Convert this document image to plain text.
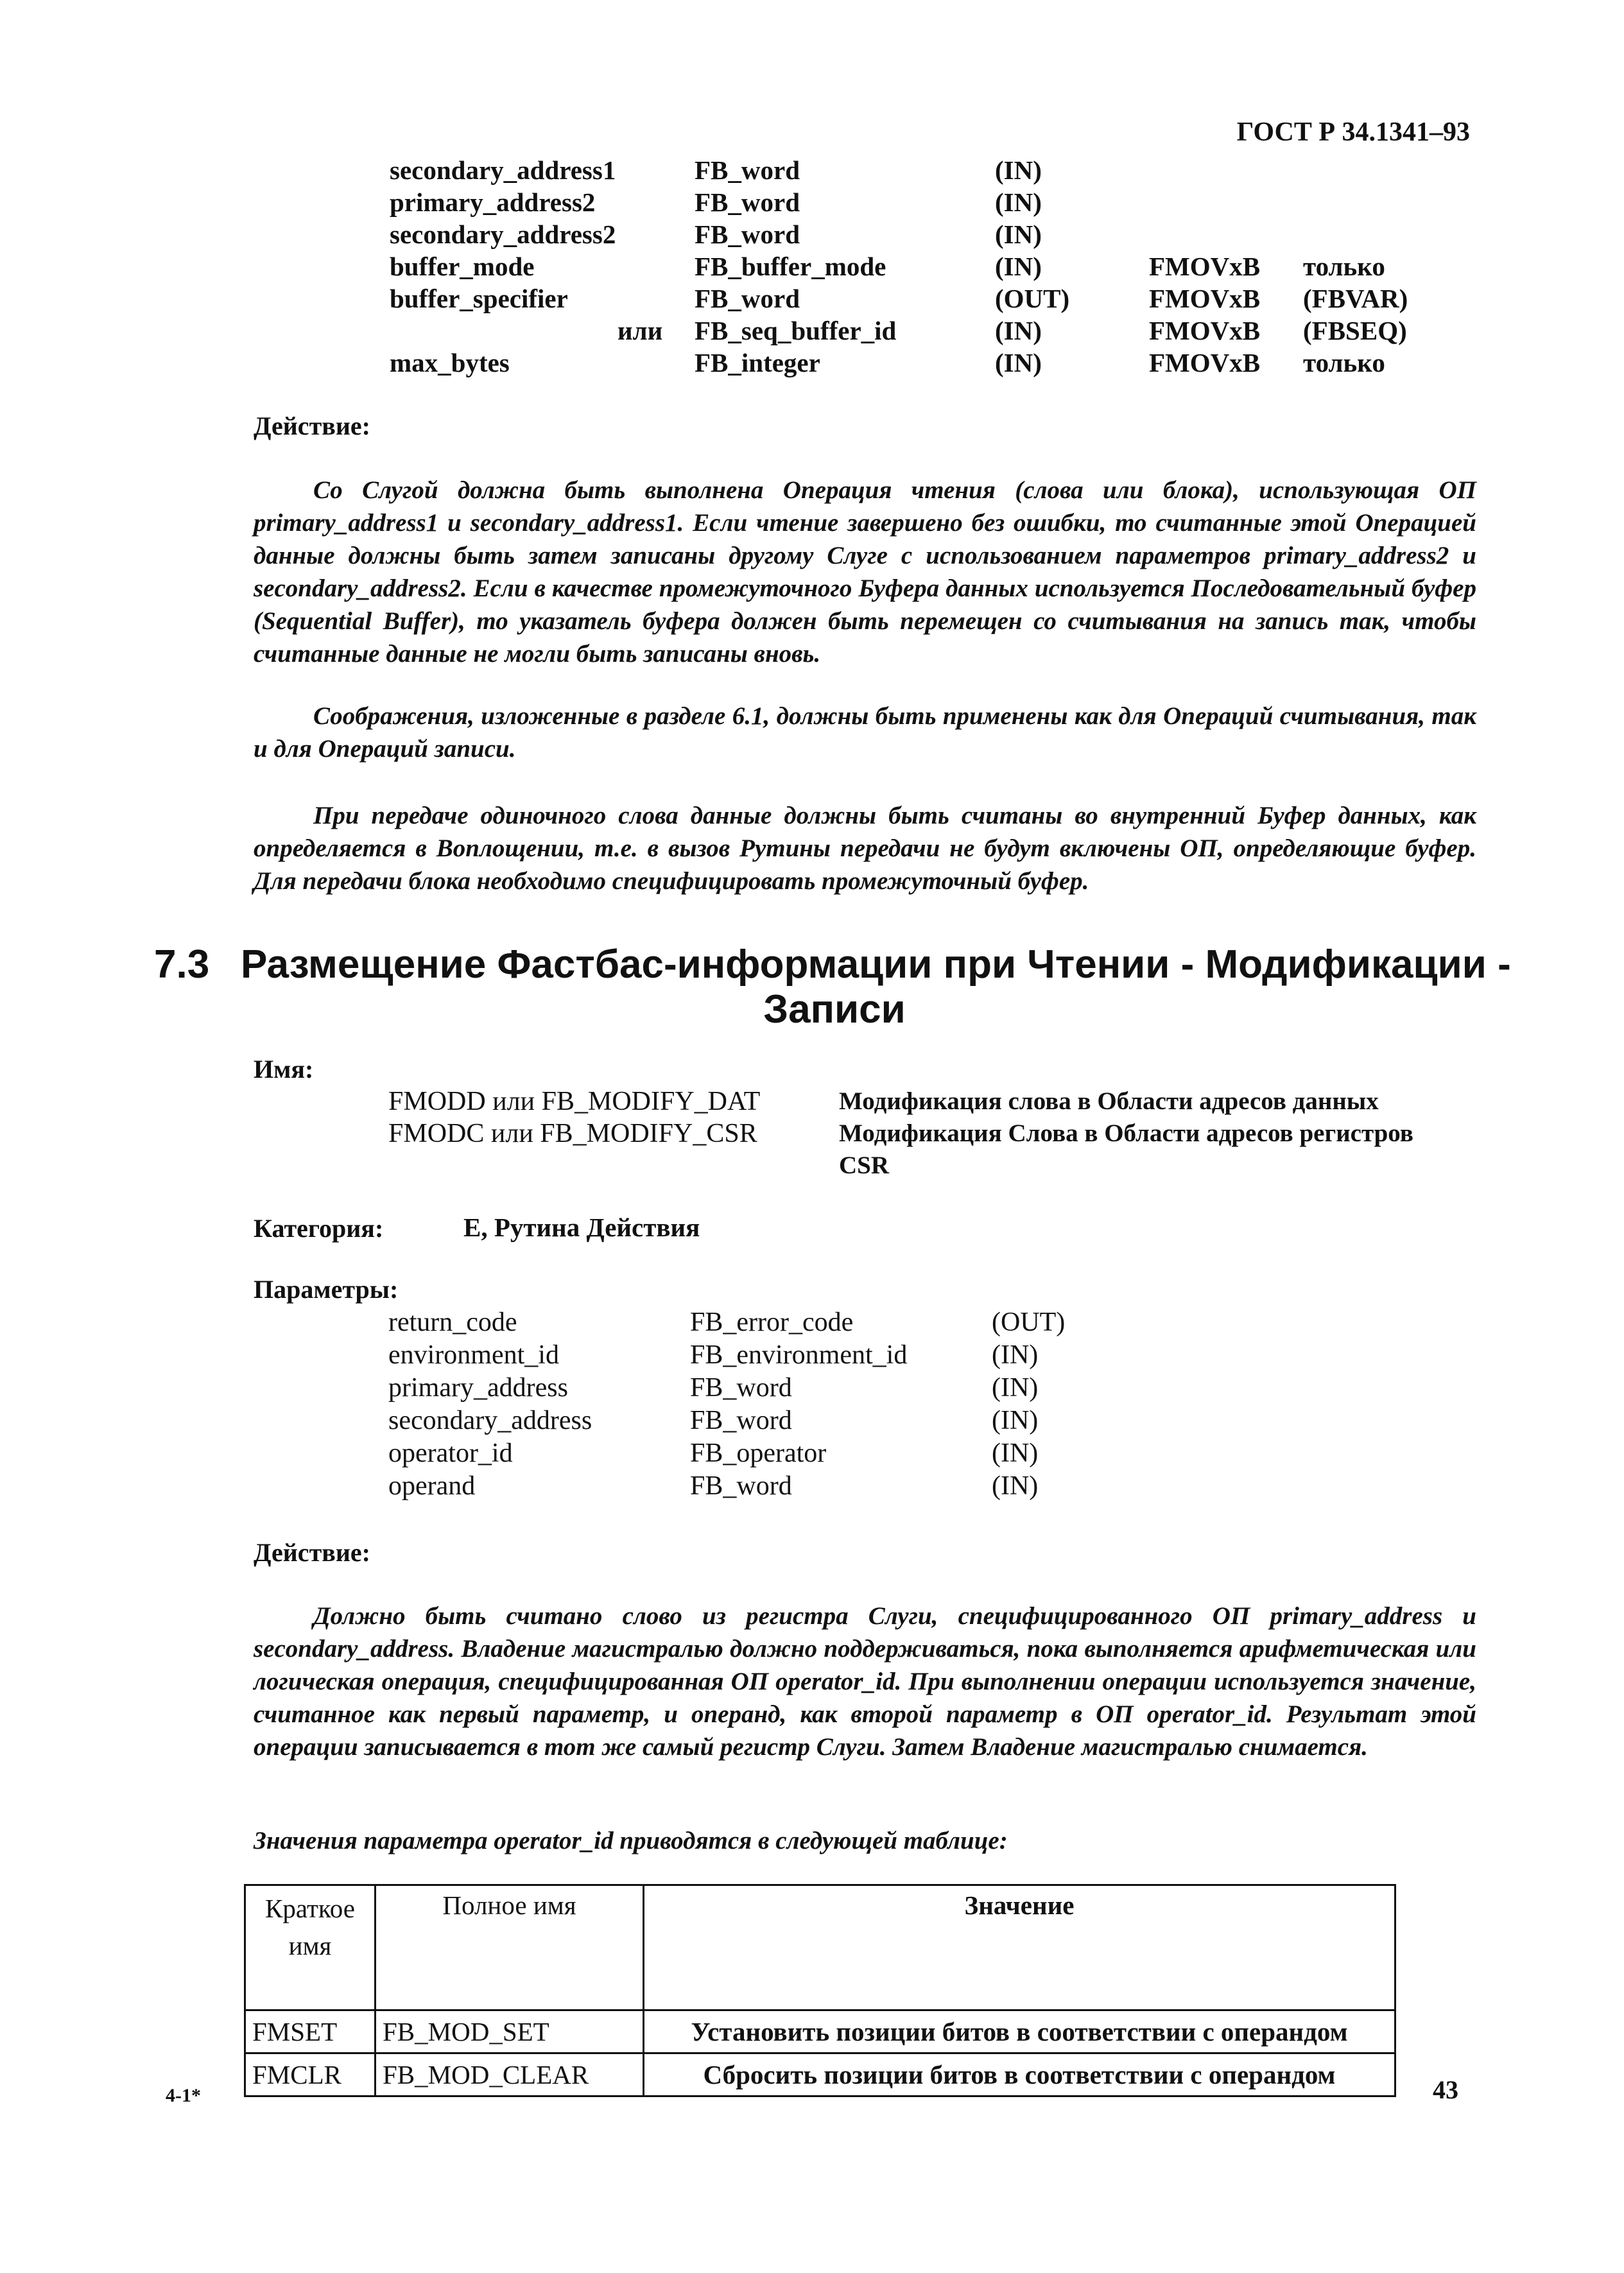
ГОСТ Р 34.1341–93
secondary_address1	FB_word	(IN)
primary_address2	FB_word	(IN)
secondary_address2	FB_word	(IN)
buffer_mode	FB_buffer_mode	(IN)	FMOVxB только
buffer_specifier	FB_word	(OUT)	FMOVxB (FBVAR)
или FB_seq_buffer_id	(IN)	FMOVxB (FBSEQ)
max_bytes	FB_integer	(IN)	FMOVxB только
Действие:
Со Слугой должна быть выполнена Операция чтения (слова или блока), использующая ОП primary_address1 и secondary_address1. Если чтение завершено без ошибки, то считанные этой Операцией данные должны быть затем записаны другому Слуге с использованием параметров primary_address2 и secondary_address2. Если в качестве промежуточного Буфера данных используется Последовательный буфер (Sequential Buffer), то указатель буфера должен быть перемещен со считывания на запись так, чтобы считанные данные не могли быть записаны вновь.
Соображения, изложенные в разделе 6.1, должны быть применены как для Операций считывания, так и для Операций записи.
При передаче одиночного слова данные должны быть считаны во внутренний Буфер данных, как определяется в Воплощении, т.е. в вызов Рутины передачи не будут включены ОП, определяющие буфер. Для передачи блока необходимо специфицировать промежуточный буфер.
7.3 Размещение Фастбас-информации при Чтении - Модификации -
Записи
Имя:
FMODD или FB_MODIFY_DAT	Модификация слова в Области адресов данных
FMODC или FB_MODIFY_CSR	Модификация Слова в Области адресов регистров
CSR
Категория:	E, Рутина Действия
Параметры:
return_code	FB_error_code	(OUT)
environment_id	FB_environment_id	(IN)
primary_address	FB_word	(IN)
secondary_address	FB_word	(IN)
operator_id	FB_operator	(IN)
operand	FB_word	(IN)
Действие:
Должно быть считано слово из регистра Слуги, специфицированного ОП primary_address и secondary_address. Владение магистралью должно поддерживаться, пока выполняется арифметическая или логическая операция, специфицированная ОП operator_id. При выполнении операции используется значение, считанное как первый параметр, и операнд, как второй параметр в ОП operator_id. Результат этой операции записывается в тот же самый регистр Слуги. Затем Владение магистралью снимается.
Значения параметра operator_id приводятся в следующей таблице:
Краткое имя	Полное имя	Значение
FMSET	FB_MOD_SET	Установить позиции битов в соответствии с операндом
FMCLR	FB_MOD_CLEAR	Сбросить позиции битов в соответствии с операндом
4-1*	43
